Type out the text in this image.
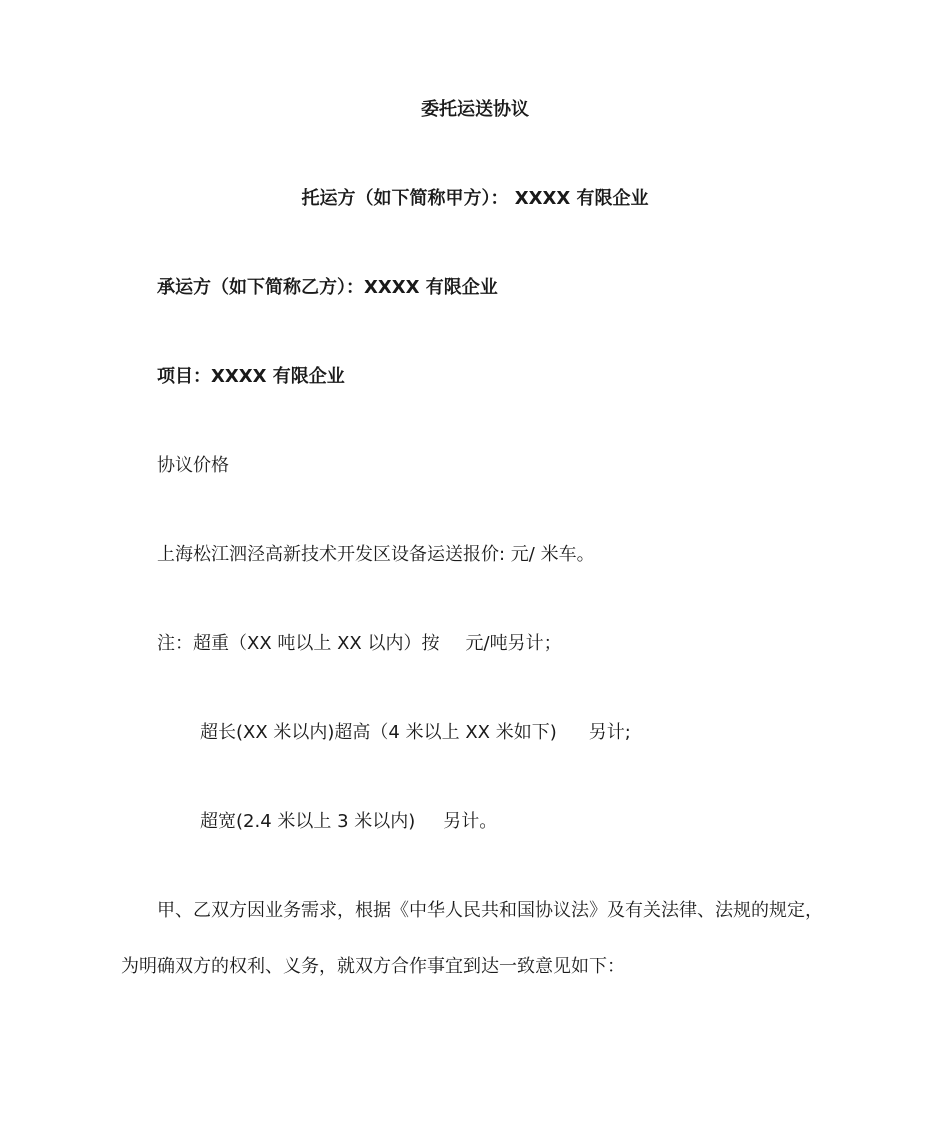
委托运送协议
托运方（如下简称甲方）： XXXX 有限企业
承运方（如下简称乙方）：XXXX 有限企业
项目：XXXX 有限企业
协议价格
上海松江泗泾高新技术开发区设备运送报价: 元/ 米车。
注：超重（XX 吨以上 XX 以内）按 元/吨另计；
超长(XX 米以内)超高（4 米以上 XX 米如下) 另计;
超宽(2.4 米以上 3 米以内) 另计。
甲、乙双方因业务需求，根据《中华人民共和国协议法》及有关法律、法规的规定，
为明确双方的权利、义务，就双方合作事宜到达一致意见如下：
